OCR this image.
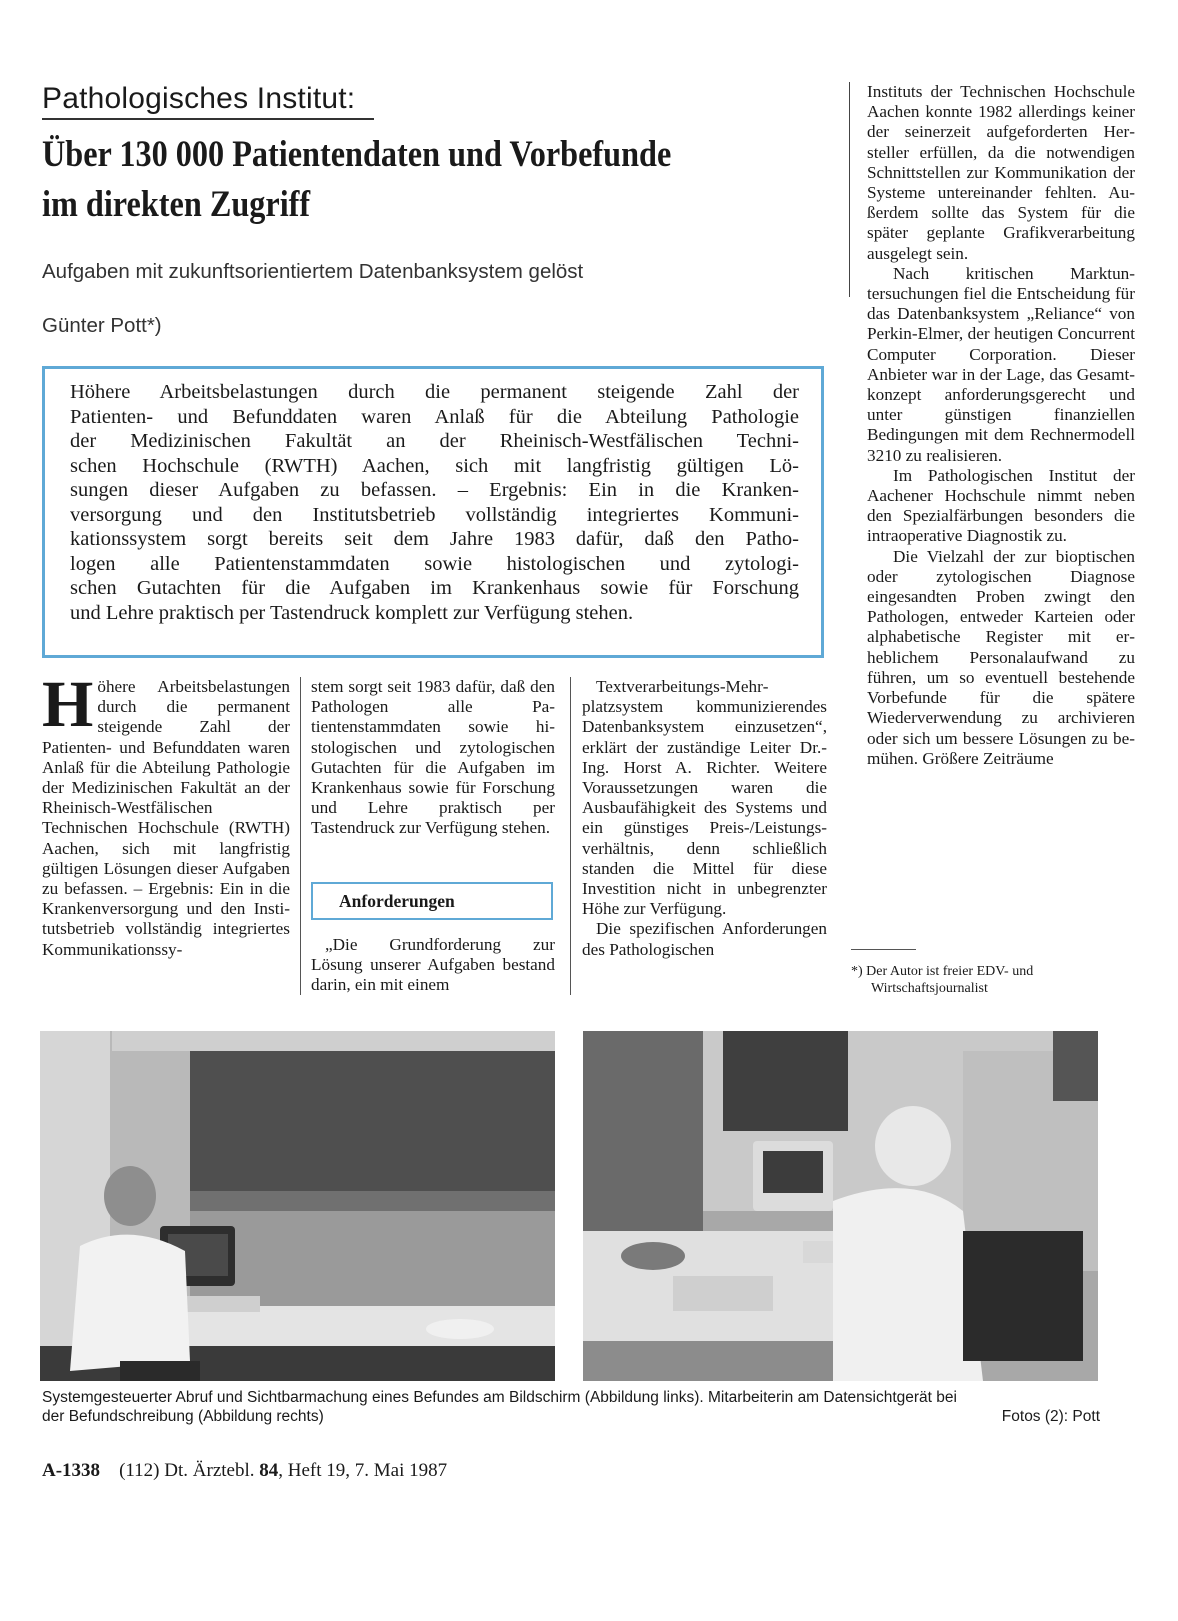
Pathologisches Institut:
Über 130 000 Patientendaten und Vorbefunde
im direkten Zugriff
Aufgaben mit zukunftsorientiertem Datenbanksystem gelöst
Günter Pott*)

Instituts der Technischen Hochschule Aachen konnte 1982 allerdings keiner der seinerzeit aufgeforderten Hersteller erfüllen, da die notwendigen Schnittstellen zur Kommunikation der Systeme untereinander fehlten. Außerdem sollte das System für die später geplante Grafikverarbeitung ausgelegt sein.

Nach kritischen Marktuntersuchungen fiel die Entscheidung für das Datenbanksystem „Reliance“ von Perkin-Elmer, der heutigen Concurrent Computer Corporation. Dieser Anbieter war in der Lage, das Gesamtkonzept anforderungsgerecht und unter günstigen finanziellen Bedingungen mit dem Rechnermodell 3210 zu realisieren.

Im Pathologischen Institut der Aachener Hochschule nimmt neben den Spezialfärbungen besonders die intraoperative Diagnostik zu.

Die Vielzahl der zur bioptischen oder zytologischen Diagnose eingesandten Proben zwingt den Pathologen, entweder Karteien oder alphabetische Register mit erheblichem Personalaufwand zu führen, um so eventuell bestehende Vorbefunde für die spätere Wiederverwendung zu archivieren oder sich um bessere Lösungen zu bemühen. Größere Zeiträume

Höhere Arbeitsbelastungen durch die permanent steigende Zahl der
Patienten- und Befunddaten waren Anlaß für die Abteilung Pathologie
der Medizinischen Fakultät an der Rheinisch-Westfälischen Techni-
schen Hochschule (RWTH) Aachen, sich mit langfristig gültigen Lö-
sungen dieser Aufgaben zu befassen. – Ergebnis: Ein in die Kranken-
versorgung und den Institutsbetrieb vollständig integriertes Kommuni-
kationssystem sorgt bereits seit dem Jahre 1983 dafür, daß den Patho-
logen alle Patientenstammdaten sowie histologischen und zytologi-
schen Gutachten für die Aufgaben im Krankenhaus sowie für Forschung
und Lehre praktisch per Tastendruck komplett zur Verfügung stehen.
H öhere Arbeitsbelastungen durch die permanent steigende Zahl der Patienten- und Befunddaten waren Anlaß für die Abteilung Pathologie der Medizinischen Fakultät an der Rheinisch-Westfälischen Technischen Hochschule (RWTH) Aachen, sich mit langfristig gültigen Lösungen dieser Aufgaben zu befassen. – Ergebnis: Ein in die Krankenversorgung und den Institutsbetrieb vollständig integriertes Kommunikationssy-
stem sorgt seit 1983 dafür, daß den Pathologen alle Patientenstammdaten sowie histologischen und zytologischen Gutachten für die Aufgaben im Krankenhaus sowie für Forschung und Lehre praktisch per Tastendruck zur Verfügung stehen.
Anforderungen
„Die Grundforderung zur Lösung unserer Aufgaben bestand darin, ein mit einem
Textverarbeitungs-Mehrplatzsystem kommunizierendes Datenbanksystem einzusetzen“, erklärt der zuständige Leiter Dr.-Ing. Horst A. Richter. Weitere Voraussetzungen waren die Ausbaufähigkeit des Systems und ein günstiges Preis-/Leistungsverhältnis, denn schließlich standen die Mittel für diese Investition nicht in unbegrenzter Höhe zur Verfügung.
Die spezifischen Anforderungen des Pathologischen
*) Der Autor ist freier EDV- und
Wirtschaftsjournalist
Systemgesteuerter Abruf und Sichtbarmachung eines Befundes am Bildschirm (Abbildung links). Mitarbeiterin am Datensichtgerät bei
der Befundschreibung (Abbildung rechts)	Fotos (2): Pott
A-1338 (112) Dt. Ärztebl. 84, Heft 19, 7. Mai 1987
